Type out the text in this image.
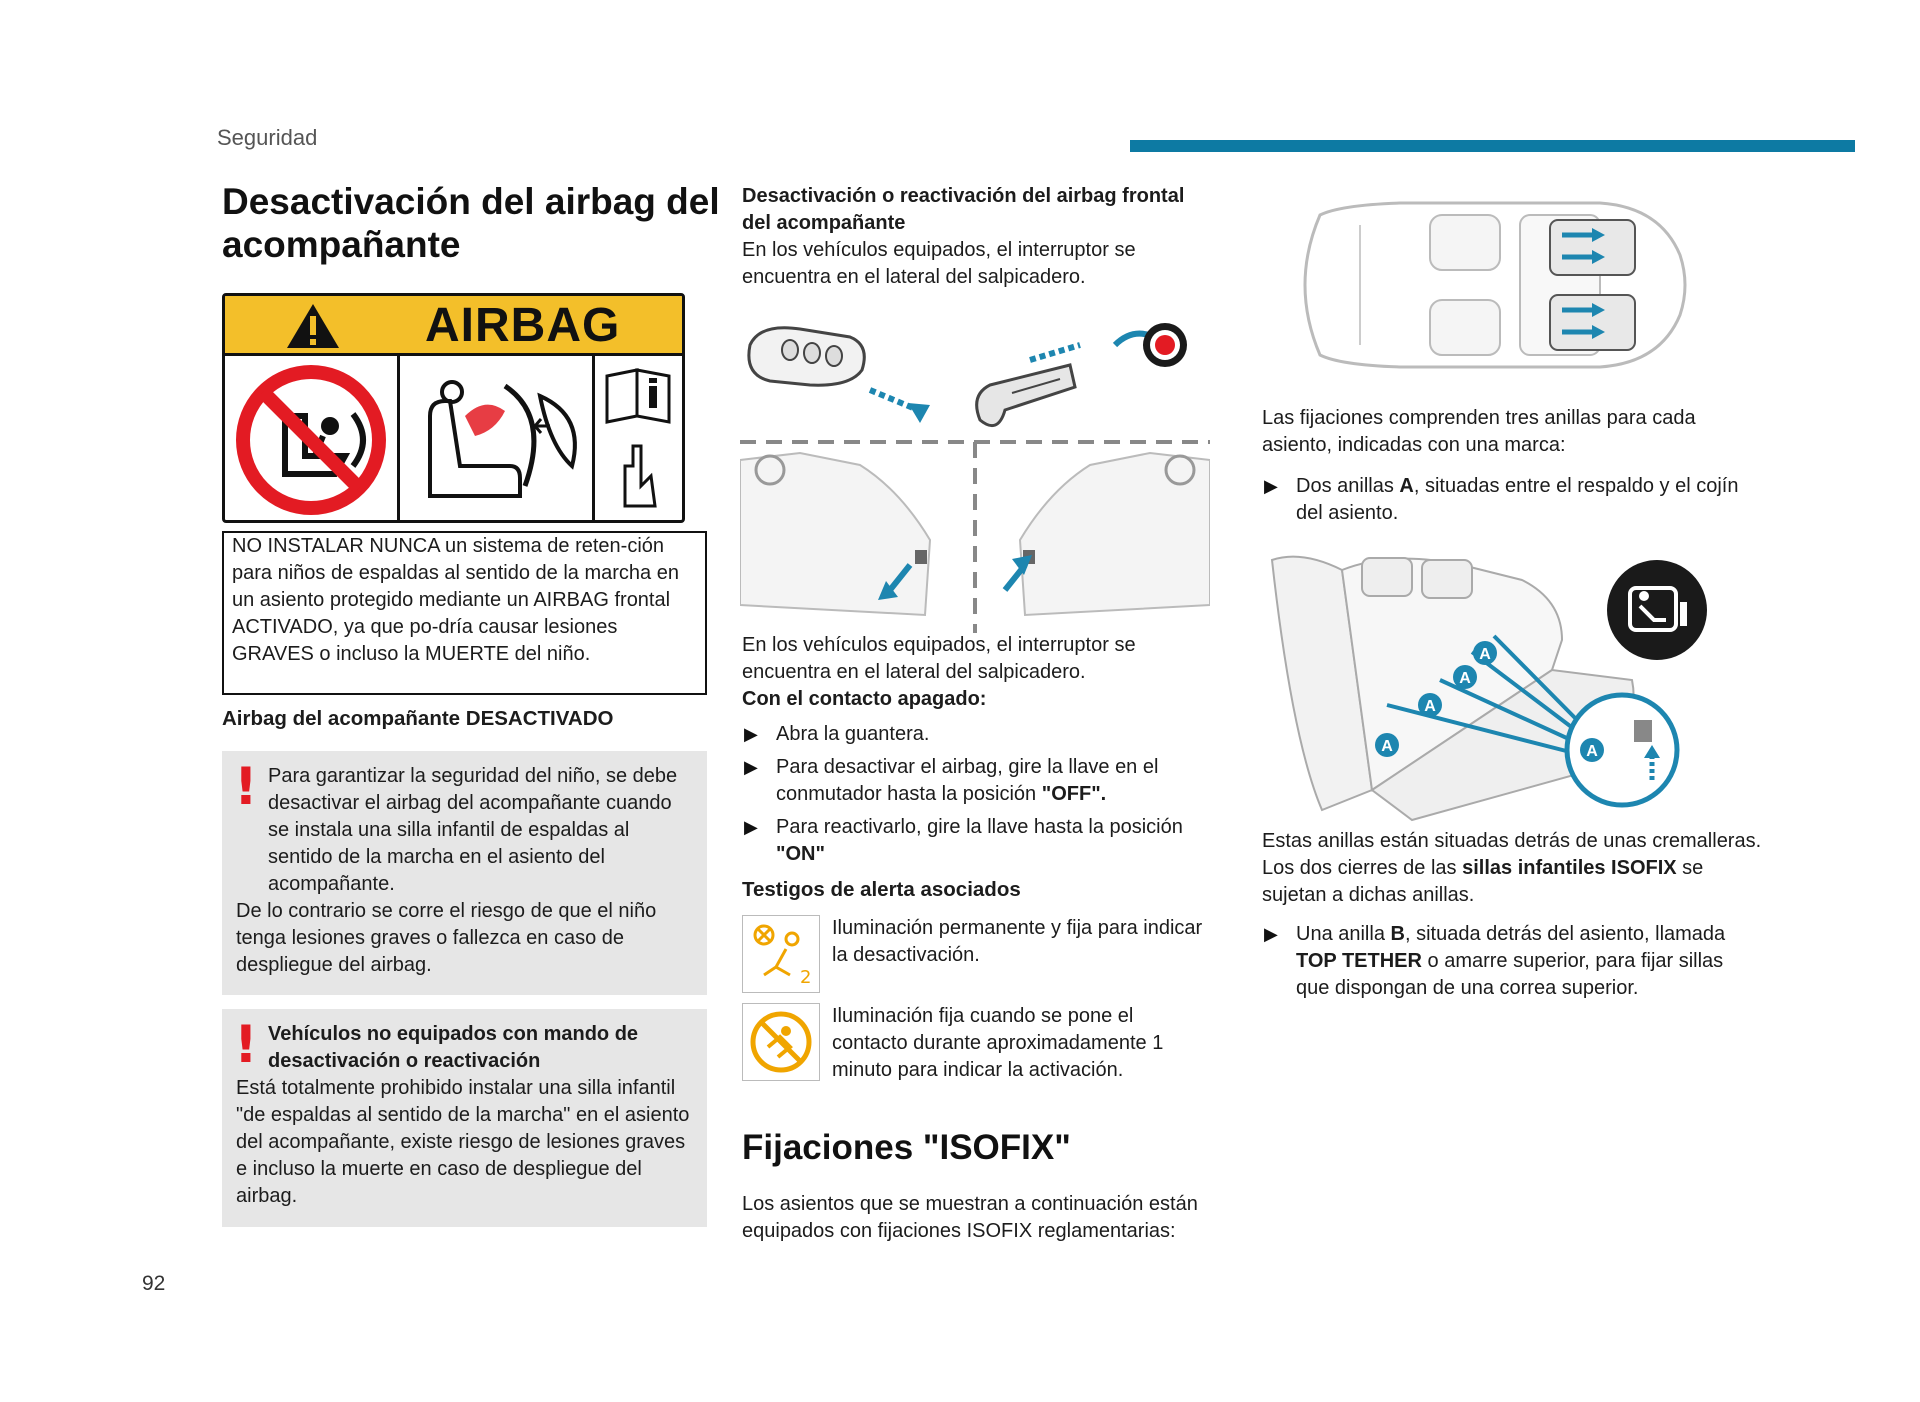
Seguridad
92
Desactivación del airbag del acompañante
AIRBAG
NO INSTALAR NUNCA un sistema de reten-ción para niños de espaldas al sentido de la marcha en un asiento protegido mediante un AIRBAG frontal ACTIVADO, ya que po-dría causar lesiones GRAVES o incluso la MUERTE del niño.
Airbag del acompañante DESACTIVADO
! Para garantizar la seguridad del niño, se debe desactivar el airbag del acompañante cuando se instala una silla infantil de espaldas al sentido de la marcha en el asiento del acompañante.
De lo contrario se corre el riesgo de que el niño tenga lesiones graves o fallezca en caso de despliegue del airbag.
! Vehículos no equipados con mando de desactivación o reactivación
Está totalmente prohibido instalar una silla infantil "de espaldas al sentido de la marcha" en el asiento del acompañante, existe riesgo de lesiones graves e incluso la muerte en caso de despliegue del airbag.
Desactivación o reactivación del airbag frontal del acompañante
En los vehículos equipados, el interruptor se encuentra en el lateral del salpicadero.
En los vehículos equipados, el interruptor se encuentra en el lateral del salpicadero.
Con el contacto apagado:
▶ Abra la guantera.
▶ Para desactivar el airbag, gire la llave en el conmutador hasta la posición "OFF".
▶ Para reactivarlo, gire la llave hasta la posición "ON"
Testigos de alerta asociados
2
Iluminación permanente y fija para indicar la desactivación.
Iluminación fija cuando se pone el contacto durante aproximadamente 1 minuto para indicar la activación.
Fijaciones "ISOFIX"
Los asientos que se muestran a continuación están equipados con fijaciones ISOFIX reglamentarias:
Las fijaciones comprenden tres anillas para cada asiento, indicadas con una marca:
▶ Dos anillas A, situadas entre el respaldo y el cojín del asiento.
A
A
A
A
A
Estas anillas están situadas detrás de unas cremalleras.
Los dos cierres de las sillas infantiles ISOFIX se sujetan a dichas anillas.
▶ Una anilla B, situada detrás del asiento, llamada TOP TETHER o amarre superior, para fijar sillas que dispongan de una correa superior.
